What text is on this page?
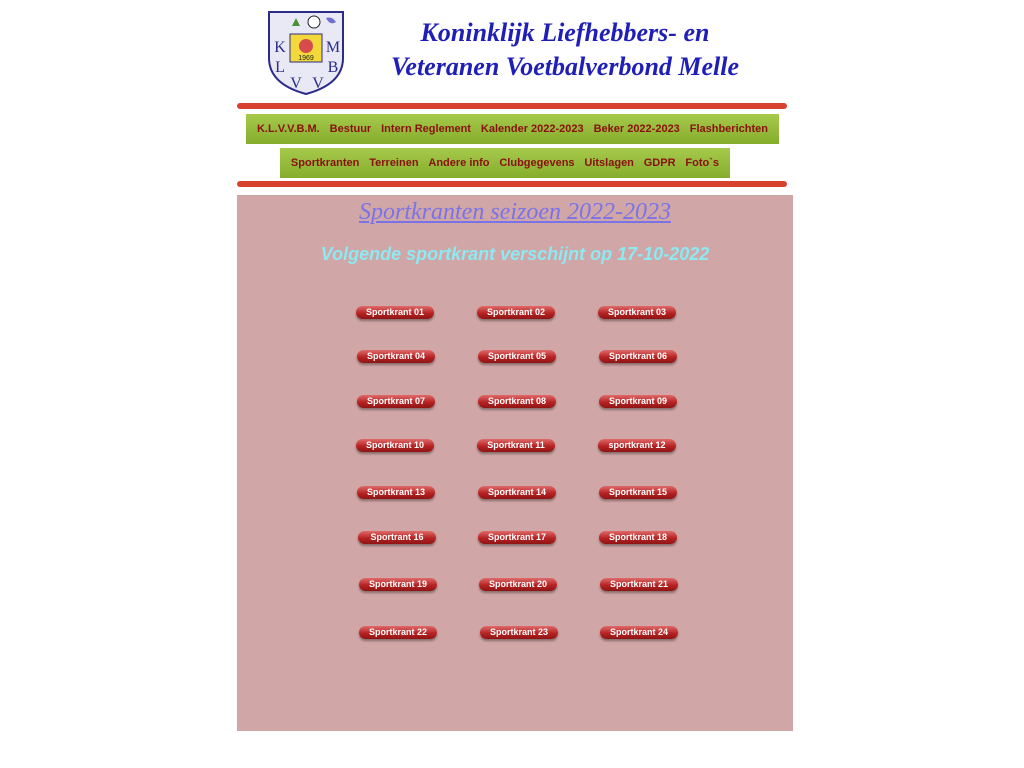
K	M
L	B
V V
1969
Koninklijk Liefhebbers- en
Veteranen Voetbalverbond Melle
K.L.V.V.B.M. Bestuur Intern Reglement Kalender 2022-2023 Beker 2022-2023 Flashberichten
Sportkranten Terreinen Andere info Clubgegevens Uitslagen GDPR Foto`s
Sportkranten seizoen 2022-2023
Volgende sportkrant verschijnt op 17-10-2022
Sportkrant 01	Sportkrant 02	Sportkrant 03
Sportkrant 04	Sportkrant 05	Sportkrant 06
Sportkrant 07	Sportkrant 08	Sportkrant 09
Sportkrant 10	Sportkrant 11	sportkrant 12
Sportkrant 13	Sportkrant 14	Sportkrant 15
Sportrant 16	Sportkrant 17	Sportkrant 18
Sportkrant 19	Sportkrant 20	Sportkrant 21
Sportkrant 22	Sportkrant 23	Sportkrant 24
